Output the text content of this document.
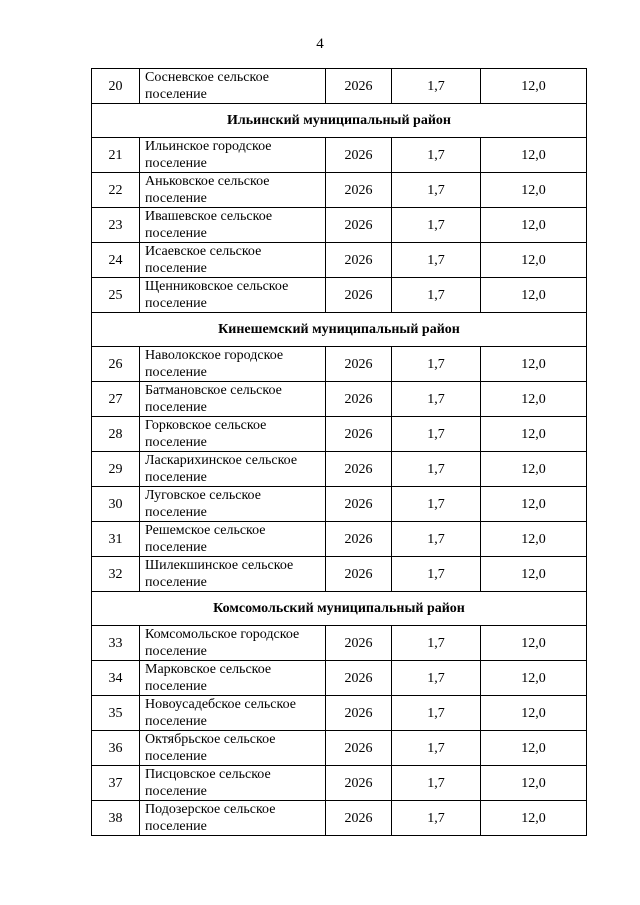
4
20	Сосневское сельское поселение	2026	1,7	12,0
Ильинский муниципальный район				
21	Ильинское городское поселение	2026	1,7	12,0
22	Аньковское сельское поселение	2026	1,7	12,0
23	Ивашевское сельское поселение	2026	1,7	12,0
24	Исаевское сельское поселение	2026	1,7	12,0
25	Щенниковское сельское поселение	2026	1,7	12,0
Кинешемский муниципальный район				
26	Наволокское городское поселение	2026	1,7	12,0
27	Батмановское сельское поселение	2026	1,7	12,0
28	Горковское сельское поселение	2026	1,7	12,0
29	Ласкарихинское сельское поселение	2026	1,7	12,0
30	Луговское сельское поселение	2026	1,7	12,0
31	Решемское сельское поселение	2026	1,7	12,0
32	Шилекшинское сельское поселение	2026	1,7	12,0
Комсомольский муниципальный район				
33	Комсомольское городское поселение	2026	1,7	12,0
34	Марковское сельское поселение	2026	1,7	12,0
35	Новоусадебское сельское поселение	2026	1,7	12,0
36	Октябрьское сельское поселение	2026	1,7	12,0
37	Писцовское сельское поселение	2026	1,7	12,0
38	Подозерское сельское поселение	2026	1,7	12,0
